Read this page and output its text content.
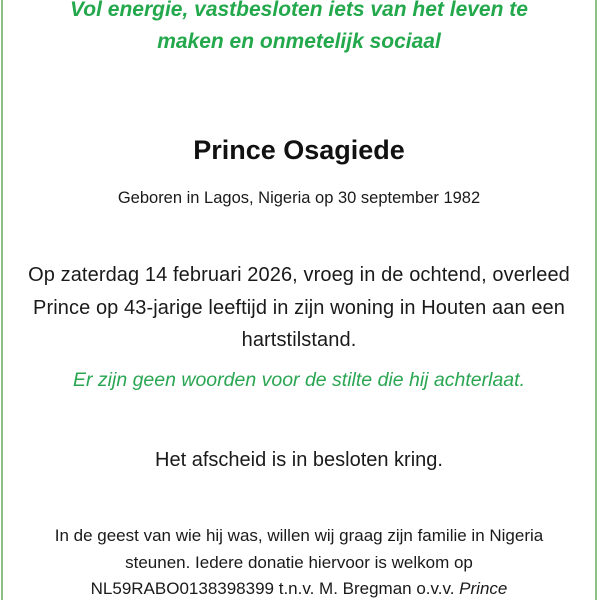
Vol energie, vastbesloten iets van het leven te
maken en onmetelijk sociaal
Prince Osagiede
Geboren in Lagos, Nigeria op 30 september 1982
Op zaterdag 14 februari 2026, vroeg in de ochtend, overleed
Prince op 43-jarige leeftijd in zijn woning in Houten aan een
hartstilstand.
Er zijn geen woorden voor de stilte die hij achterlaat.
Het afscheid is in besloten kring.
In de geest van wie hij was, willen wij graag zijn familie in Nigeria
steunen. Iedere donatie hiervoor is welkom op
NL59RABO0138398399 t.n.v. M. Bregman o.v.v. Prince
